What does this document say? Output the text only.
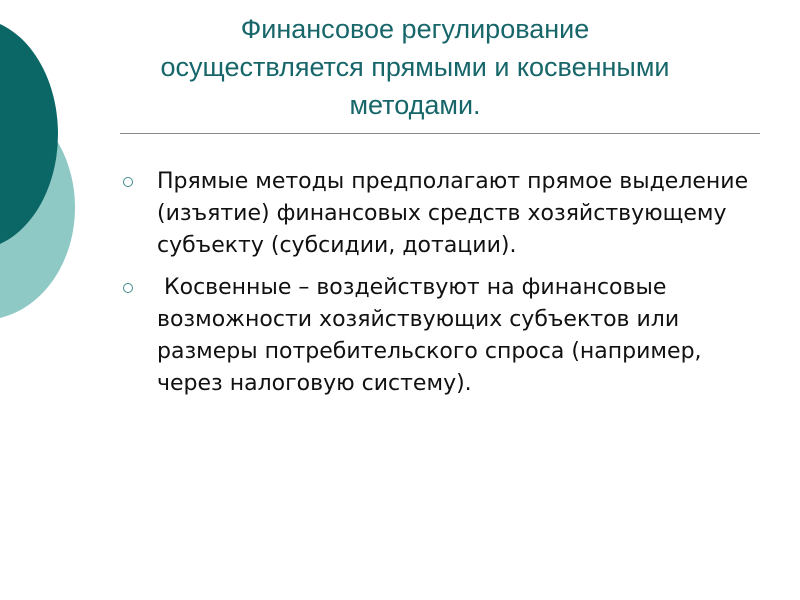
Финансовое регулирование осуществляется прямыми и косвенными методами.
Прямые методы предполагают прямое выделение (изъятие) финансовых средств хозяйствующему субъекту (субсидии, дотации).
Косвенные – воздействуют на финансовые возможности хозяйствующих субъектов или размеры потребительского спроса (например, через налоговую систему).
